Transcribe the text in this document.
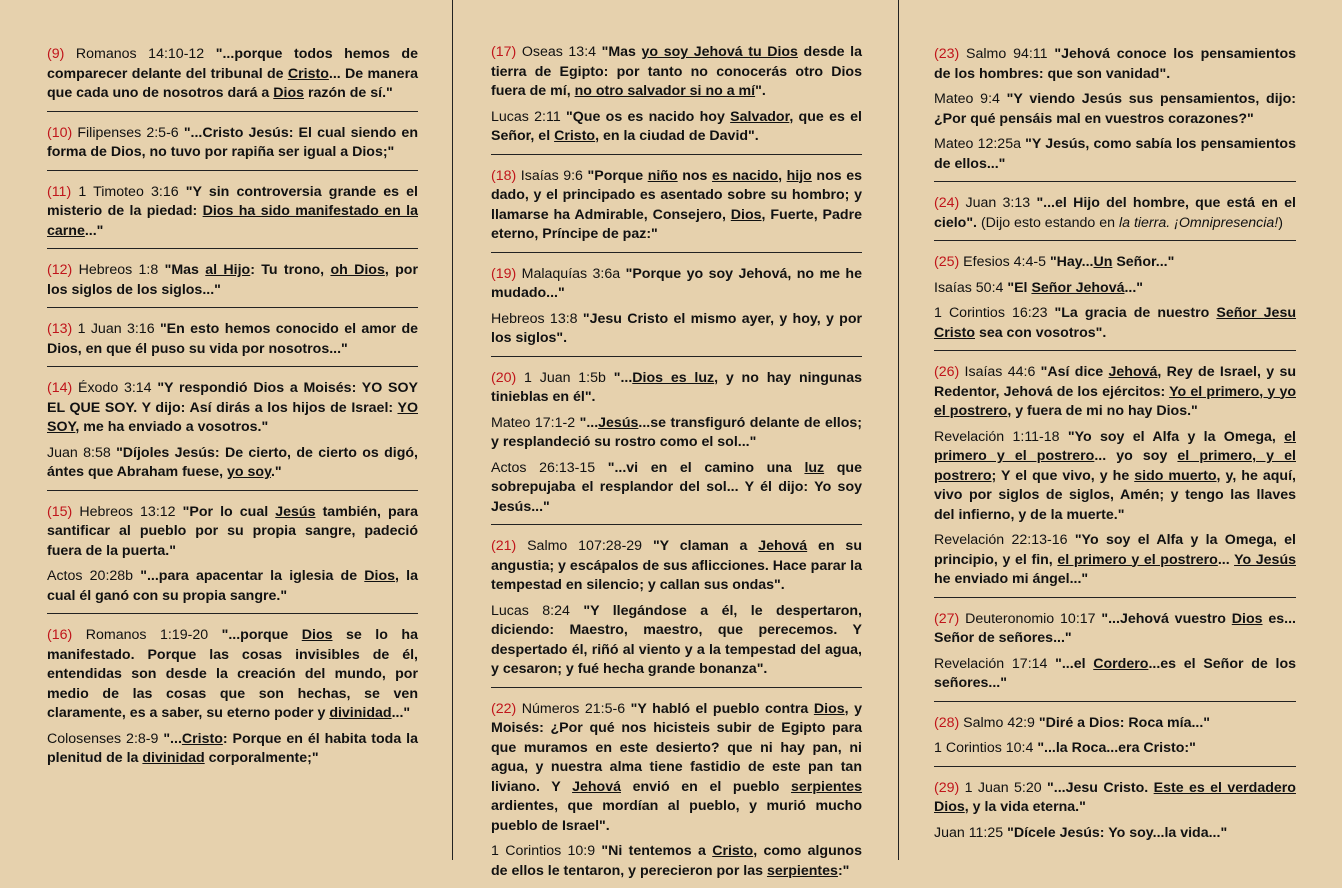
(9) Romanos 14:10-12 "...porque todos hemos de comparecer delante del tribunal de Cristo... De manera que cada uno de nosotros dará a Dios razón de sí."

(10) Filipenses 2:5-6 "...Cristo Jesús: El cual siendo en forma de Dios, no tuvo por rapiña ser igual a Dios;"

(11) 1 Timoteo 3:16 "Y sin controversia grande es el misterio de la piedad: Dios ha sido manifestado en la carne..."

(12) Hebreos 1:8 "Mas al Hijo: Tu trono, oh Dios, por los siglos de los siglos..."

(13) 1 Juan 3:16 "En esto hemos conocido el amor de Dios, en que él puso su vida por nosotros..."

(14) Éxodo 3:14 "Y respondió Dios a Moisés: YO SOY EL QUE SOY. Y dijo: Así dirás a los hijos de Israel: YO SOY, me ha enviado a vosotros."

Juan 8:58 "Díjoles Jesús: De cierto, de cierto os digó, ántes que Abraham fuese, yo soy."

(15) Hebreos 13:12 "Por lo cual Jesús también, para santificar al pueblo por su propia sangre, padeció fuera de la puerta."

Actos 20:28b "...para apacentar la iglesia de Dios, la cual él ganó con su propia sangre."

(16) Romanos 1:19-20 "...porque Dios se lo ha manifestado. Porque las cosas invisibles de él, entendidas son desde la creación del mundo, por medio de las cosas que son hechas, se ven claramente, es a saber, su eterno poder y divinidad..."

Colosenses 2:8-9 "...Cristo: Porque en él habita toda la plenitud de la divinidad corporalmente;"

(17) Oseas 13:4 "Mas yo soy Jehová tu Dios desde la tierra de Egipto: por tanto no conocerás otro Dios fuera de mí, no otro salvador si no a mí".

Lucas 2:11 "Que os es nacido hoy Salvador, que es el Señor, el Cristo, en la ciudad de David".

(18) Isaías 9:6 "Porque niño nos es nacido, hijo nos es dado, y el principado es asentado sobre su hombro; y llamarse ha Admirable, Consejero, Dios, Fuerte, Padre eterno, Príncipe de paz:"

(19) Malaquías 3:6a "Porque yo soy Jehová, no me he mudado..."

Hebreos 13:8 "Jesu Cristo el mismo ayer, y hoy, y por los siglos".

(20) 1 Juan 1:5b "...Dios es luz, y no hay ningunas tinieblas en él".

Mateo 17:1-2 "...Jesús...se transfiguró delante de ellos; y resplandeció su rostro como el sol..."

Actos 26:13-15 "...vi en el camino una luz que sobrepujaba el resplandor del sol... Y él dijo: Yo soy Jesús..."

(21) Salmo 107:28-29 "Y claman a Jehová en su angustia; y escápalos de sus aflicciones. Hace parar la tempestad en silencio; y callan sus ondas".

Lucas 8:24 "Y llegándose a él, le despertaron, diciendo: Maestro, maestro, que perecemos. Y despertado él, riñó al viento y a la tempestad del agua, y cesaron; y fué hecha grande bonanza".

(22) Números 21:5-6 "Y habló el pueblo contra Dios, y Moisés: ¿Por qué nos hicisteis subir de Egipto para que muramos en este desierto? que ni hay pan, ni agua, y nuestra alma tiene fastidio de este pan tan liviano. Y Jehová envió en el pueblo serpientes ardientes, que mordían al pueblo, y murió mucho pueblo de Israel".

1 Corintios 10:9 "Ni tentemos a Cristo, como algunos de ellos le tentaron, y perecieron por las serpientes:"

(23) Salmo 94:11 "Jehová conoce los pensamientos de los hombres: que son vanidad".

Mateo 9:4 "Y viendo Jesús sus pensamientos, dijo: ¿Por qué pensáis mal en vuestros corazones?"

Mateo 12:25a "Y Jesús, como sabía los pensamientos de ellos..."

(24) Juan 3:13 "...el Hijo del hombre, que está en el cielo". (Dijo esto estando en la tierra. ¡Omnipresencia!)

(25) Efesios 4:4-5 "Hay...Un Señor..."

Isaías 50:4 "El Señor Jehová..."

1 Corintios 16:23 "La gracia de nuestro Señor Jesu Cristo sea con vosotros".

(26) Isaías 44:6 "Así dice Jehová, Rey de Israel, y su Redentor, Jehová de los ejércitos: Yo el primero, y yo el postrero, y fuera de mi no hay Dios."

Revelación 1:11-18 "Yo soy el Alfa y la Omega, el primero y el postrero... yo soy el primero, y el postrero; Y el que vivo, y he sido muerto, y, he aquí, vivo por siglos de siglos, Amén; y tengo las llaves del infierno, y de la muerte."

Revelación 22:13-16 "Yo soy el Alfa y la Omega, el principio, y el fin, el primero y el postrero... Yo Jesús he enviado mi ángel..."

(27) Deuteronomio 10:17 "...Jehová vuestro Dios es... Señor de señores..."

Revelación 17:14 "...el Cordero...es el Señor de los señores..."

(28) Salmo 42:9 "Diré a Dios: Roca mía..."

1 Corintios 10:4 "...la Roca...era Cristo:"

(29) 1 Juan 5:20 "...Jesu Cristo. Este es el verdadero Dios, y la vida eterna."

Juan 11:25 "Dícele Jesús: Yo soy...la vida..."
